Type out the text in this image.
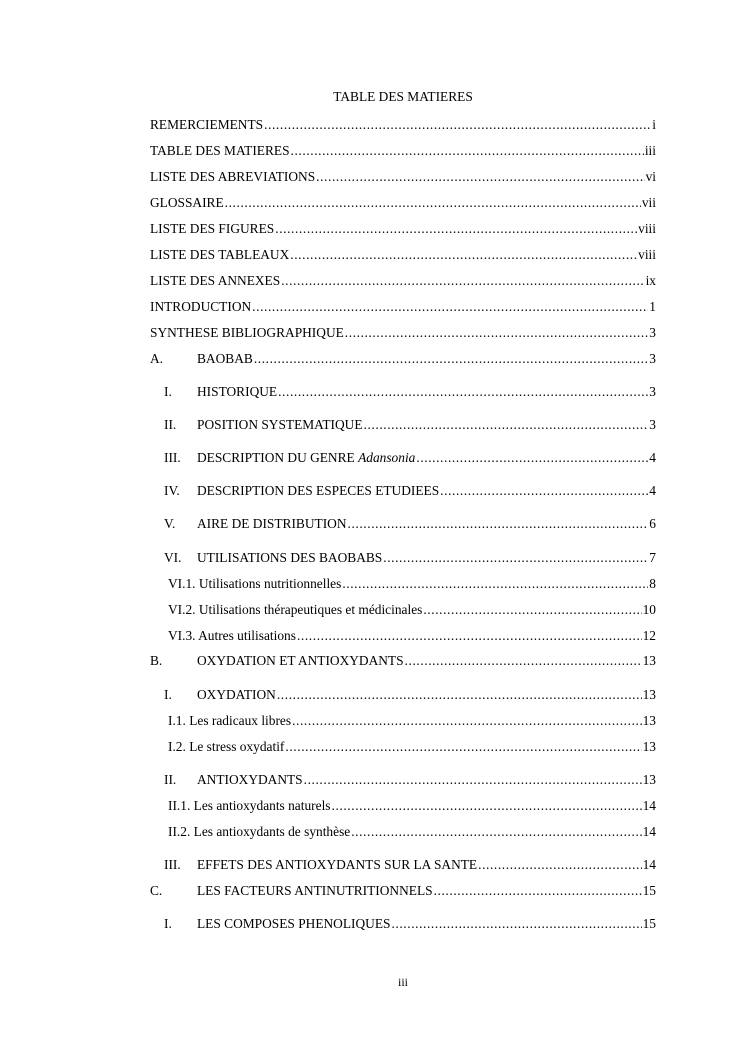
TABLE DES MATIERES
REMERCIEMENTS .....	i
TABLE DES MATIERES .....	iii
LISTE DES ABREVIATIONS .....	vi
GLOSSAIRE .....	vii
LISTE DES FIGURES .....	viii
LISTE DES TABLEAUX .....	viii
LISTE DES ANNEXES .....	ix
INTRODUCTION .....	1
SYNTHESE BIBLIOGRAPHIQUE .....	3
A.	BAOBAB .....	3
I.	HISTORIQUE .....	3
II.	POSITION SYSTEMATIQUE .....	3
III.	DESCRIPTION DU GENRE Adansonia .....	4
IV.	DESCRIPTION DES ESPECES ETUDIEES .....	4
V.	AIRE DE DISTRIBUTION .....	6
VI.	UTILISATIONS DES BAOBABS .....	7
VI.1. Utilisations nutritionnelles .....	8
VI.2. Utilisations thérapeutiques et médicinales .....	10
VI.3. Autres utilisations .....	12
B.	OXYDATION ET ANTIOXYDANTS .....	13
I.	OXYDATION .....	13
I.1. Les radicaux libres .....	13
I.2. Le stress oxydatif .....	13
II.	ANTIOXYDANTS .....	13
II.1. Les antioxydants naturels .....	14
II.2. Les antioxydants de synthèse .....	14
III.	EFFETS DES ANTIOXYDANTS SUR LA SANTE .....	14
C.	LES FACTEURS ANTINUTRITIONNELS .....	15
I.	LES COMPOSES PHENOLIQUES .....	15
iii
